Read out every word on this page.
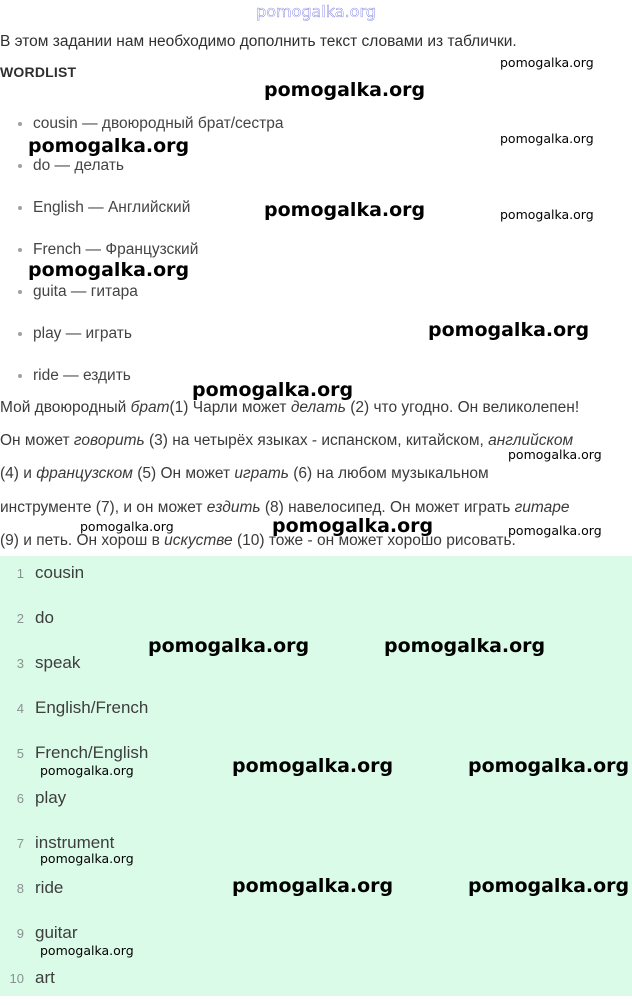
pomogalka.org
В этом задании нам необходимо дополнить текст словами из таблички.
WORDLIST
cousin — двоюродный брат/сестра
do — делать
English — Английский
French — Французский
guita — гитара
play — играть
ride — ездить
Мой двоюродный брат(1) Чарли может делать (2) что угодно. Он великолепен!
Он может говорить (3) на четырёх языках - испанском, китайском, английском
(4) и французском (5) Он может играть (6) на любом музыкальном
инструменте (7), и он может ездить (8) навелосипед. Он может играть гитаре
(9) и петь. Он хорош в искустве (10) тоже - он может хорошо рисовать.
1 cousin
2 do
3 speak
4 English/French
5 French/English
6 play
7 instrument
8 ride
9 guitar
10 art
pomogalka.org
pomogalka.org
pomogalka.org
pomogalka.org
pomogalka.org	pomogalka.org
pomogalka.org
pomogalka.org
pomogalka.org
pomogalka.org
pomogalka.org	pomogalka.org	pomogalka.org
pomogalka.org	pomogalka.org
pomogalka.org	pomogalka.org
pomogalka.org
pomogalka.org
pomogalka.org	pomogalka.org
pomogalka.org
